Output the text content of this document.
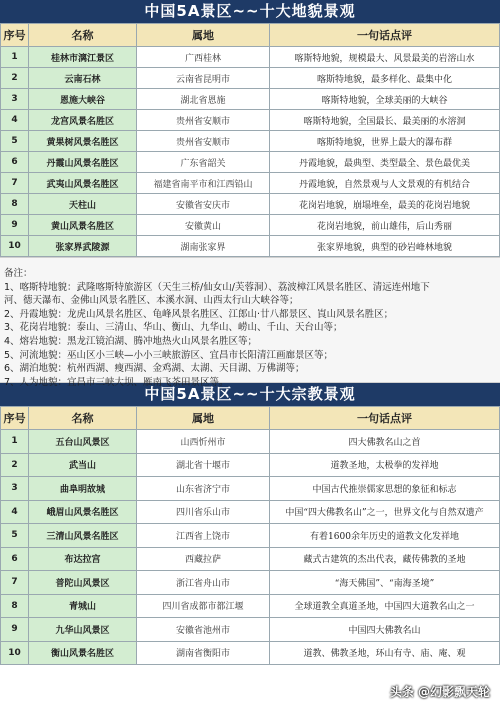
中国5A景区~~十大地貌景观
序号	名称	属地	一句话点评
1	桂林市漓江景区	广西桂林	喀斯特地貌，规模最大、风景最美的岩溶山水
2	云南石林	云南省昆明市	喀斯特地貌，最多样化、最集中化
3	恩施大峡谷	湖北省恩施	喀斯特地貌，全球美丽的大峡谷
4	龙宫风景名胜区	贵州省安顺市	喀斯特地貌，全国最长、最美丽的水溶洞
5	黄果树风景名胜区	贵州省安顺市	喀斯特地貌，世界上最大的瀑布群
6	丹霞山风景名胜区	广东省韶关	丹霞地貌，最典型、类型最全、景色最优美
7	武夷山风景名胜区	福建省南平市和江西铅山	丹霞地貌，自然景观与人文景观的有机结合
8	天柱山	安徽省安庆市	花岗岩地貌，崩塌堆垒，最美的花岗岩地貌
9	黄山风景名胜区	安徽黄山	花岗岩地貌，前山雄伟，后山秀丽
10	张家界武陵源	湖南张家界	张家界地貌，典型的砂岩峰林地貌
备注：
1、喀斯特地貌：武隆喀斯特旅游区（天生三桥/仙女山/芙蓉洞）、荔波樟江风景名胜区、清远连州地下
河、德天瀑布、金佛山风景名胜区、本溪水洞、山西太行山大峡谷等；
2、丹霞地貌：龙虎山风景名胜区、龟峰风景名胜区、江郎山·廿八都景区、崀山风景名胜区；
3、花岗岩地貌：泰山、三清山、华山、衡山、九华山、崂山、千山、天台山等；
4、熔岩地貌：黑龙江镜泊湖、腾冲地热火山风景名胜区等；
5、河流地貌：巫山区小三峡—小小三峡旅游区、宜昌市长阳清江画廊景区等；
6、湖泊地貌：杭州西湖、瘦西湖、金鸡湖、太湖、天目湖、万佛湖等；
7、人为地貌：宜昌市三峡大坝、雁南飞茶田景区等。
中国5A景区~~十大宗教景观
序号	名称	属地	一句话点评
1	五台山风景区	山西忻州市	四大佛教名山之首
2	武当山	湖北省十堰市	道教圣地，太极拳的发祥地
3	曲阜明故城	山东省济宁市	中国古代推崇儒家思想的象征和标志
4	峨眉山风景名胜区	四川省乐山市	中国“四大佛教名山”之一，世界文化与自然双遗产
5	三清山风景名胜区	江西省上饶市	有着1600余年历史的道教文化发祥地
6	布达拉宫	西藏拉萨	藏式古建筑的杰出代表，藏传佛教的圣地
7	普陀山风景区	浙江省舟山市	“海天佛国”、“南海圣境”
8	青城山	四川省成都市都江堰	全球道教全真道圣地，中国四大道教名山之一
9	九华山风景区	安徽省池州市	中国四大佛教名山
10	衡山风景名胜区	湖南省衡阳市	道教、佛教圣地，环山有寺、庙、庵、观
头条 @幻影飘天轮
